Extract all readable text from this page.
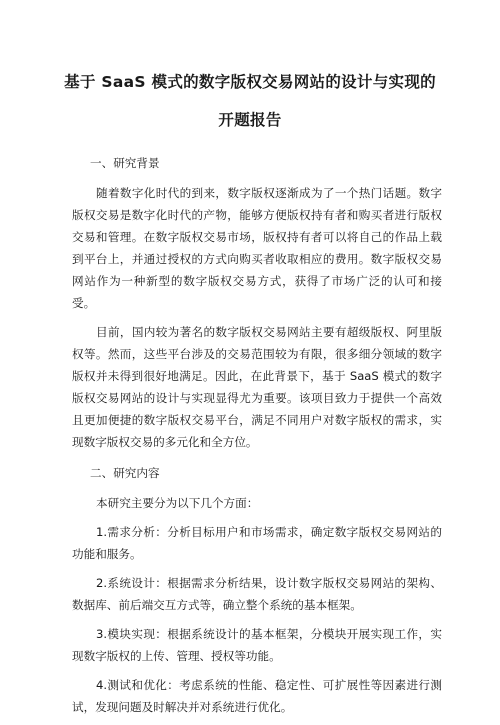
基于 SaaS 模式的数字版权交易网站的设计与实现的
开题报告
一、研究背景

随着数字化时代的到来，数字版权逐渐成为了一个热门话题。数字版权交易是数字化时代的产物，能够方便版权持有者和购买者进行版权交易和管理。在数字版权交易市场，版权持有者可以将自己的作品上载到平台上，并通过授权的方式向购买者收取相应的费用。数字版权交易网站作为一种新型的数字版权交易方式，获得了市场广泛的认可和接受。

目前，国内较为著名的数字版权交易网站主要有超级版权、阿里版权等。然而，这些平台涉及的交易范围较为有限，很多细分领域的数字版权并未得到很好地满足。因此，在此背景下，基于 SaaS 模式的数字版权交易网站的设计与实现显得尤为重要。该项目致力于提供一个高效且更加便捷的数字版权交易平台，满足不同用户对数字版权的需求，实现数字版权交易的多元化和全方位。

二、研究内容

本研究主要分为以下几个方面：

1.需求分析：分析目标用户和市场需求，确定数字版权交易网站的功能和服务。

2.系统设计：根据需求分析结果，设计数字版权交易网站的架构、数据库、前后端交互方式等，确立整个系统的基本框架。

3.模块实现：根据系统设计的基本框架，分模块开展实现工作，实现数字版权的上传、管理、授权等功能。

4.测试和优化：考虑系统的性能、稳定性、可扩展性等因素进行测试，发现问题及时解决并对系统进行优化。
